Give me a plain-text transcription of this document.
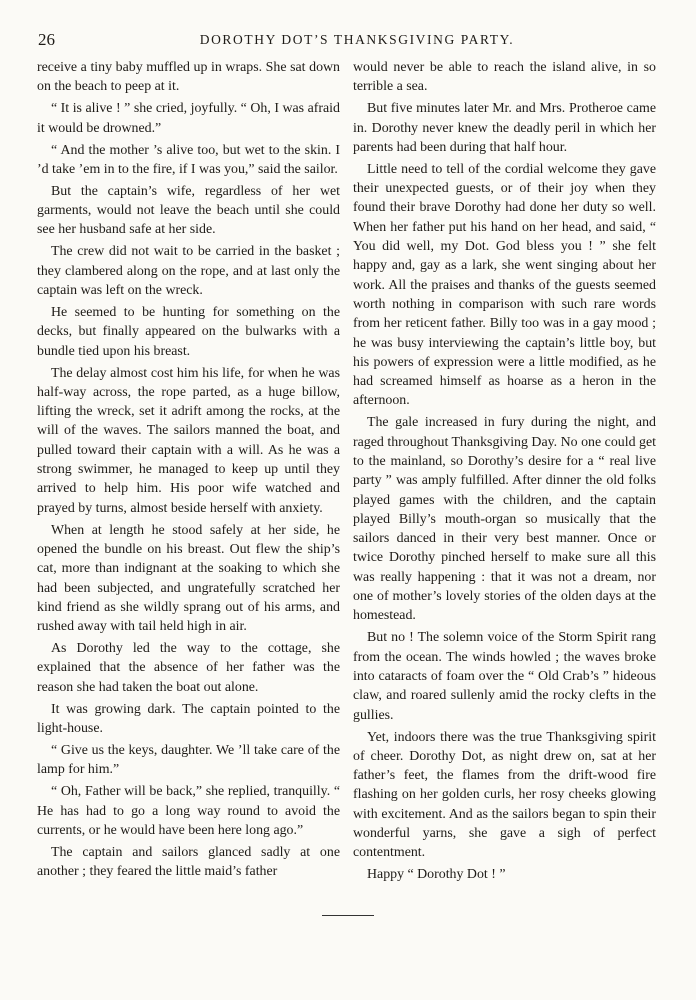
26	DOROTHY DOT’S THANKSGIVING PARTY.

receive a tiny baby muffled up in wraps. She sat down on the beach to peep at it.

“ It is alive ! ” she cried, joyfully. “ Oh, I was afraid it would be drowned.”

“ And the mother ’s alive too, but wet to the skin. I ’d take ’em in to the fire, if I was you,” said the sailor.

But the captain’s wife, regardless of her wet garments, would not leave the beach until she could see her husband safe at her side.

The crew did not wait to be carried in the basket ; they clambered along on the rope, and at last only the captain was left on the wreck.

He seemed to be hunting for something on the decks, but finally appeared on the bulwarks with a bundle tied upon his breast.

The delay almost cost him his life, for when he was half-way across, the rope parted, as a huge billow, lifting the wreck, set it adrift among the rocks, at the will of the waves. The sailors manned the boat, and pulled toward their captain with a will. As he was a strong swimmer, he managed to keep up until they arrived to help him. His poor wife watched and prayed by turns, almost beside herself with anxiety.

When at length he stood safely at her side, he opened the bundle on his breast. Out flew the ship’s cat, more than indignant at the soaking to which she had been subjected, and ungratefully scratched her kind friend as she wildly sprang out of his arms, and rushed away with tail held high in air.

As Dorothy led the way to the cottage, she explained that the absence of her father was the reason she had taken the boat out alone.

It was growing dark. The captain pointed to the light-house.

“ Give us the keys, daughter. We ’ll take care of the lamp for him.”

“ Oh, Father will be back,” she replied, tranquilly. “ He has had to go a long way round to avoid the currents, or he would have been here long ago.”

The captain and sailors glanced sadly at one another ; they feared the little maid’s father

would never be able to reach the island alive, in so terrible a sea.

But five minutes later Mr. and Mrs. Protheroe came in. Dorothy never knew the deadly peril in which her parents had been during that half hour.

Little need to tell of the cordial welcome they gave their unexpected guests, or of their joy when they found their brave Dorothy had done her duty so well. When her father put his hand on her head, and said, “ You did well, my Dot. God bless you ! ” she felt happy and, gay as a lark, she went singing about her work. All the praises and thanks of the guests seemed worth nothing in comparison with such rare words from her reticent father. Billy too was in a gay mood ; he was busy interviewing the captain’s little boy, but his powers of expression were a little modified, as he had screamed himself as hoarse as a heron in the afternoon.

The gale increased in fury during the night, and raged throughout Thanksgiving Day. No one could get to the mainland, so Dorothy’s desire for a “ real live party ” was amply fulfilled. After dinner the old folks played games with the children, and the captain played Billy’s mouth-organ so musically that the sailors danced in their very best manner. Once or twice Dorothy pinched herself to make sure all this was really happening : that it was not a dream, nor one of mother’s lovely stories of the olden days at the homestead.

But no ! The solemn voice of the Storm Spirit rang from the ocean. The winds howled ; the waves broke into cataracts of foam over the “ Old Crab’s ” hideous claw, and roared sullenly amid the rocky clefts in the gullies.

Yet, indoors there was the true Thanksgiving spirit of cheer. Dorothy Dot, as night drew on, sat at her father’s feet, the flames from the drift-wood fire flashing on her golden curls, her rosy cheeks glowing with excitement. And as the sailors began to spin their wonderful yarns, she gave a sigh of perfect contentment.

Happy “ Dorothy Dot ! ”
